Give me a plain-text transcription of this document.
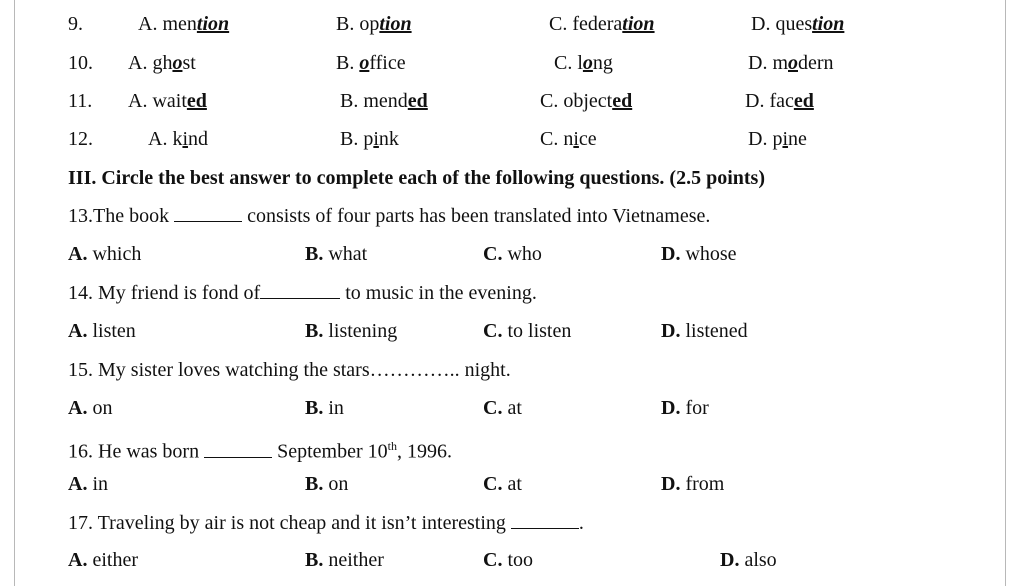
9.	A. mention	B. option	C. federation	D. question
10. A. ghost	B. office	C. long	D. modern
11. A. waited	B. mended	C. objected	D. faced
12.	A. kind	B. pink	C. nice	D. pine
III. Circle the best answer to complete each of the following questions. (2.5 points)
13.The book	consists of four parts has been translated into Vietnamese.
A. which	B. what	C. who	D. whose
14. My friend is fond of	to music in the evening.
A. listen	B. listening	C. to listen	D. listened
15. My sister loves watching the stars………….. night.
A. on	B. in	C. at	D. for
16. He was born	September 10th, 1996.
A. in	B. on	C. at	D. from
17. Traveling by air is not cheap and it isn’t interesting	.
A. either	B. neither	C. too	D. also
